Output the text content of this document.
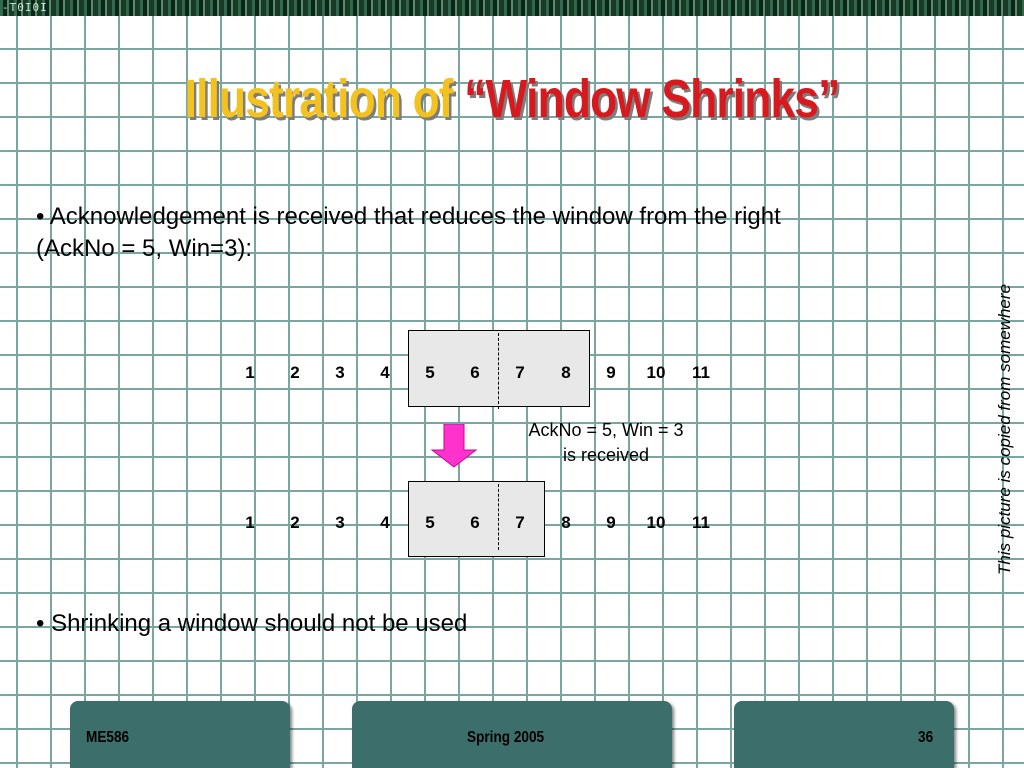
-T0I0I
Illustration of “Window Shrinks”
• Acknowledgement is received that reduces the window from the right
(AckNo = 5, Win=3):
This picture is copied from somewhere
1	2	3	4	5	6	7	8	9	10	11
AckNo = 5, Win = 3
is received
1	2	3	4	5	6	7	8	9	10	11
• Shrinking a window should not be used
ME586	Spring 2005	36
